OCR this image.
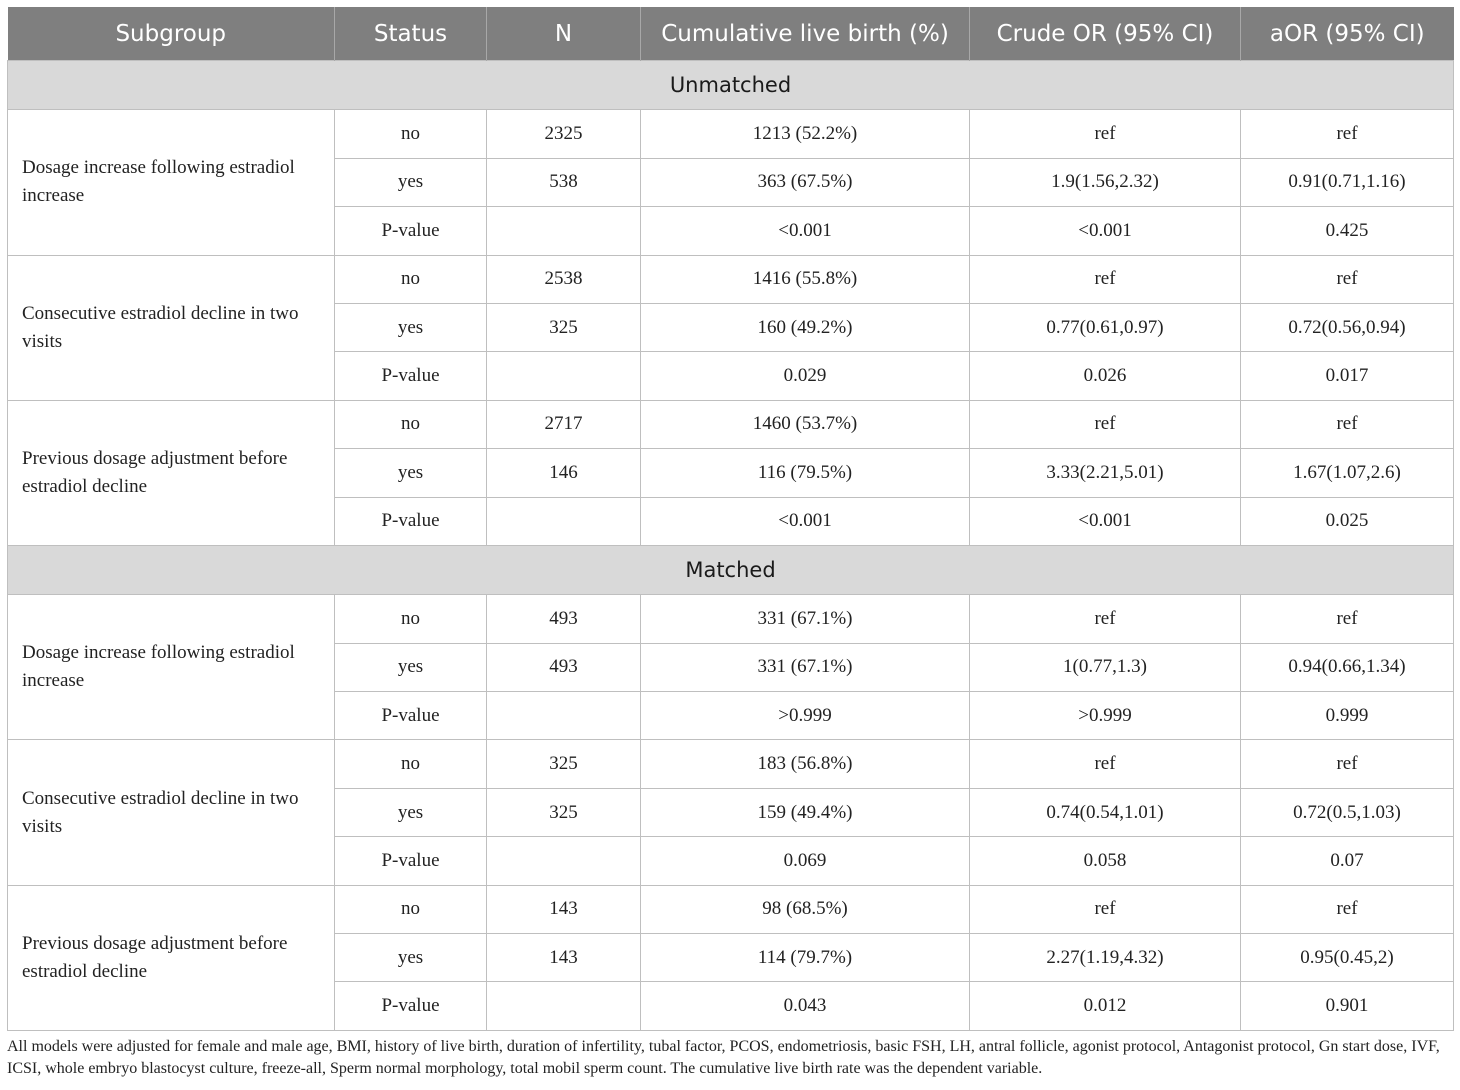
Subgroup	Status	N	Cumulative live birth (%)	Crude OR (95% CI)	aOR (95% CI)
Unmatched					
Dosage increase following estradiol increase	no	2325	1213 (52.2%)	ref	ref
	yes	538	363 (67.5%)	1.9(1.56,2.32)	0.91(0.71,1.16)
	P-value		<0.001	<0.001	0.425
Consecutive estradiol decline in two visits	no	2538	1416 (55.8%)	ref	ref
	yes	325	160 (49.2%)	0.77(0.61,0.97)	0.72(0.56,0.94)
	P-value		0.029	0.026	0.017
Previous dosage adjustment before estradiol decline	no	2717	1460 (53.7%)	ref	ref
	yes	146	116 (79.5%)	3.33(2.21,5.01)	1.67(1.07,2.6)
	P-value		<0.001	<0.001	0.025
Matched					
Dosage increase following estradiol increase	no	493	331 (67.1%)	ref	ref
	yes	493	331 (67.1%)	1(0.77,1.3)	0.94(0.66,1.34)
	P-value		>0.999	>0.999	0.999
Consecutive estradiol decline in two visits	no	325	183 (56.8%)	ref	ref
	yes	325	159 (49.4%)	0.74(0.54,1.01)	0.72(0.5,1.03)
	P-value		0.069	0.058	0.07
Previous dosage adjustment before estradiol decline	no	143	98 (68.5%)	ref	ref
	yes	143	114 (79.7%)	2.27(1.19,4.32)	0.95(0.45,2)
	P-value		0.043	0.012	0.901
All models were adjusted for female and male age, BMI, history of live birth, duration of infertility, tubal factor, PCOS, endometriosis, basic FSH, LH, antral follicle, agonist protocol, Antagonist protocol, Gn start dose, IVF, ICSI, whole embryo blastocyst culture, freeze-all, Sperm normal morphology, total mobil sperm count. The cumulative live birth rate was the dependent variable.
